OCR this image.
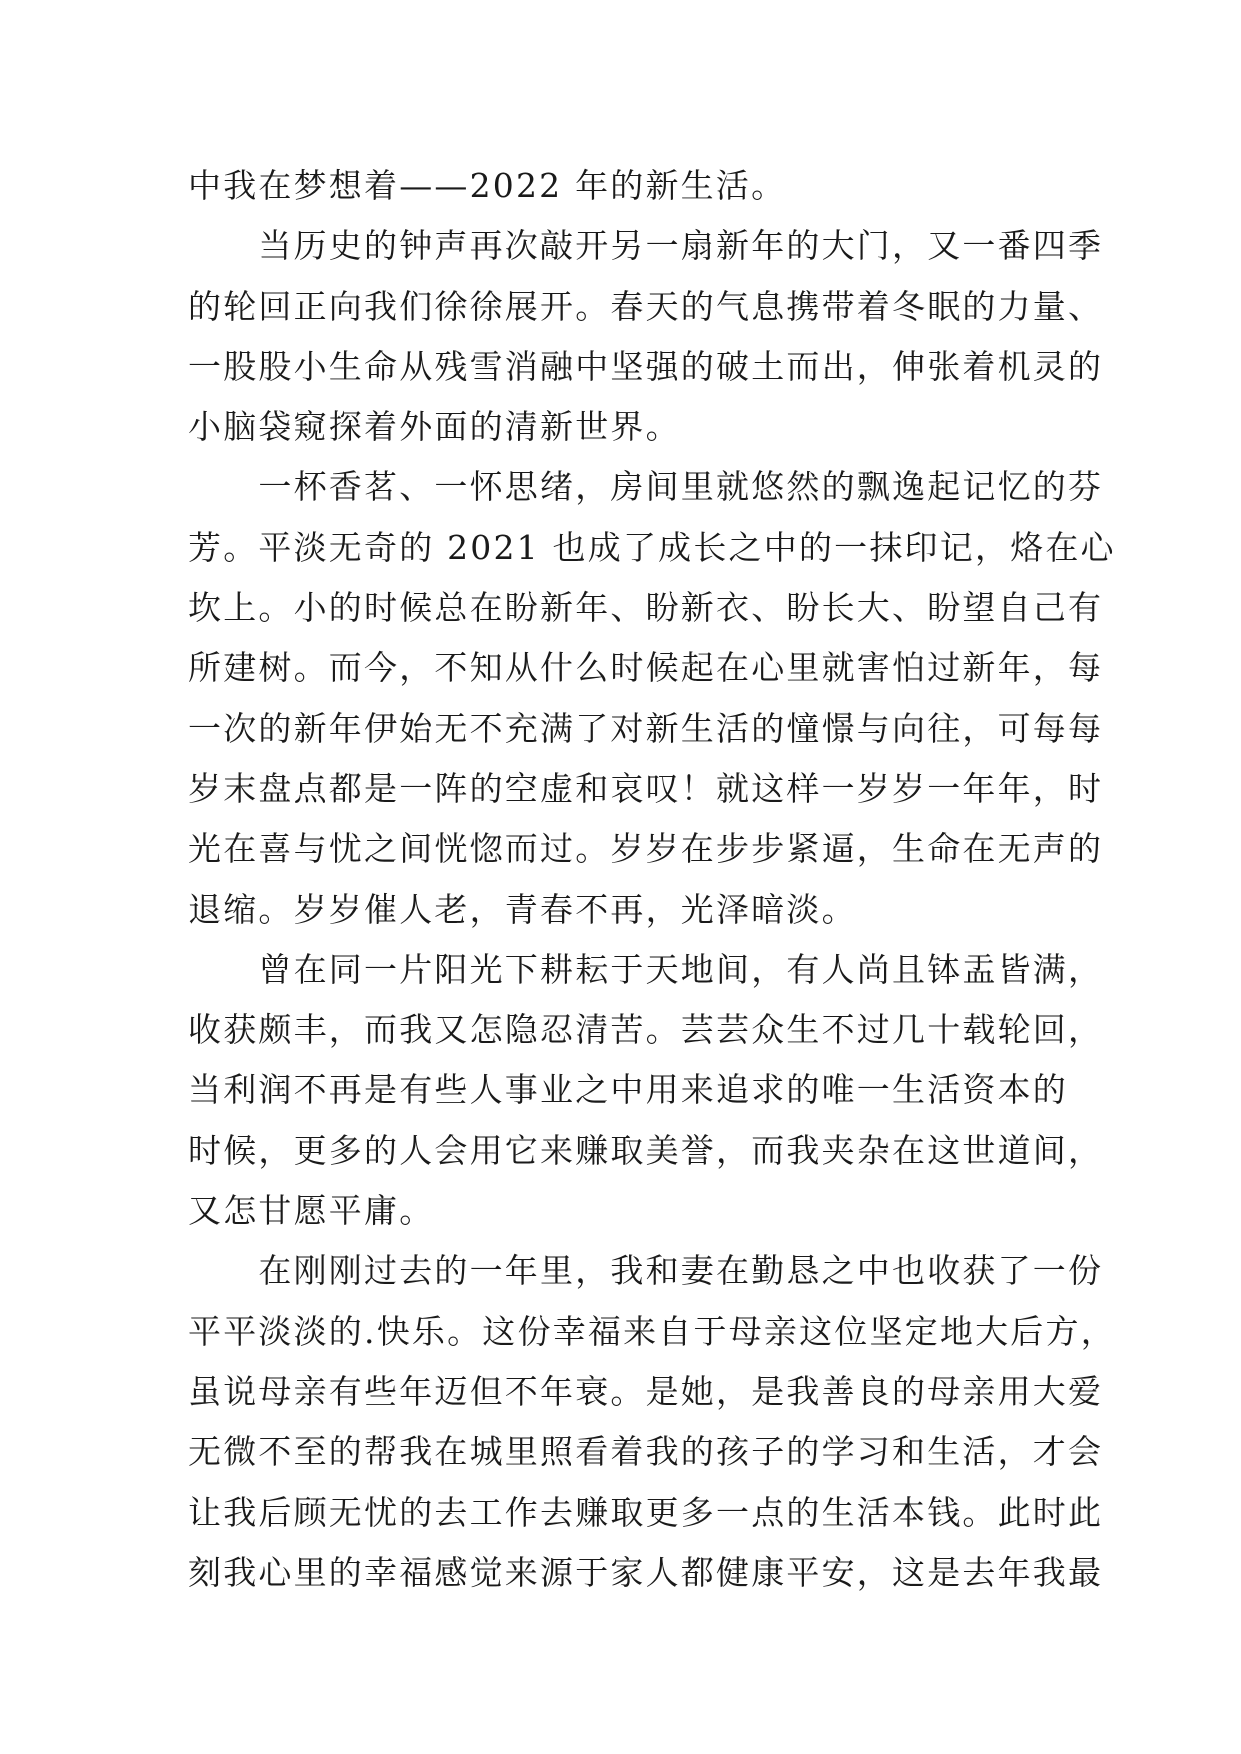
中我在梦想着——2022 年的新生活。
　　当历史的钟声再次敲开另一扇新年的大门，又一番四季
的轮回正向我们徐徐展开。春天的气息携带着冬眠的力量、
一股股小生命从残雪消融中坚强的破土而出，伸张着机灵的
小脑袋窥探着外面的清新世界。
　　一杯香茗、一怀思绪，房间里就悠然的飘逸起记忆的芬
芳。平淡无奇的 2021 也成了成长之中的一抹印记，烙在心
坎上。小的时候总在盼新年、盼新衣、盼长大、盼望自己有
所建树。而今，不知从什么时候起在心里就害怕过新年，每
一次的新年伊始无不充满了对新生活的憧憬与向往，可每每
岁末盘点都是一阵的空虚和哀叹！就这样一岁岁一年年，时
光在喜与忧之间恍惚而过。岁岁在步步紧逼，生命在无声的
退缩。岁岁催人老，青春不再，光泽暗淡。
　　曾在同一片阳光下耕耘于天地间，有人尚且钵盂皆满，
收获颇丰，而我又怎隐忍清苦。芸芸众生不过几十载轮回，
当利润不再是有些人事业之中用来追求的唯一生活资本的
时候，更多的人会用它来赚取美誉，而我夹杂在这世道间，
又怎甘愿平庸。
　　在刚刚过去的一年里，我和妻在勤恳之中也收获了一份
平平淡淡的.快乐。这份幸福来自于母亲这位坚定地大后方，
虽说母亲有些年迈但不年衰。是她，是我善良的母亲用大爱
无微不至的帮我在城里照看着我的孩子的学习和生活，才会
让我后顾无忧的去工作去赚取更多一点的生活本钱。此时此
刻我心里的幸福感觉来源于家人都健康平安，这是去年我最
